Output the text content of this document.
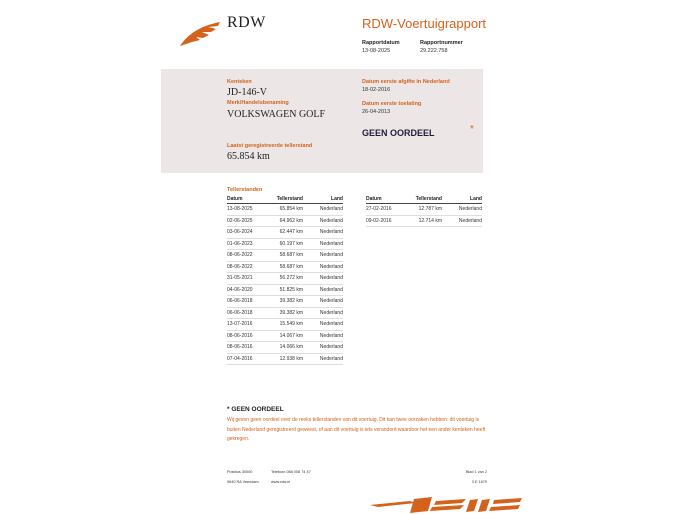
RDW	RDW-Voertuigrapport
Rapportdatum
13-08-2025
Rapportnummer
29.222.758
Kenteken
JD-146-V
Merk/Handelsbenaming
VOLKSWAGEN GOLF
Datum eerste afgifte in Nederland
18-02-2016
Datum eerste toelating
26-04-2013
GEEN OORDEEL	*
Laatst geregistreerde tellerstand
65.854 km
Tellerstanden
Datum	Tellerstand	Land
13-08-2025	65.854 km	Nederland
02-06-2025	64.962 km	Nederland
03-06-2024	62.447 km	Nederland
01-06-2023	60.197 km	Nederland
08-06-2022	58.687 km	Nederland
08-06-2022	58.687 km	Nederland
31-05-2021	56.272 km	Nederland
04-06-2020	51.825 km	Nederland
06-06-2018	39.382 km	Nederland
06-06-2018	39.382 km	Nederland
13-07-2016	15.549 km	Nederland
08-06-2016	14.067 km	Nederland
08-06-2016	14.066 km	Nederland
07-04-2016	12.938 km	Nederland
Datum	Tellerstand	Land
27-02-2016	12.787 km	Nederland
09-02-2016	12.714 km	Nederland
* GEEN OORDEEL
Wij geven geen oordeel over de reeks tellerstanden van dit voertuig. Dit kan twee oorzaken hebben: dit voertuig is buiten Nederland geregistreerd geweest, of aan dit voertuig is iets veranderd waardoor het een ander kenteken heeft gekregen.
Postbus 30000
9640 RA Veendam
Telefoon 088 008 74 47
www.rdw.nl
Blad 1 van 2
3 E 1679
